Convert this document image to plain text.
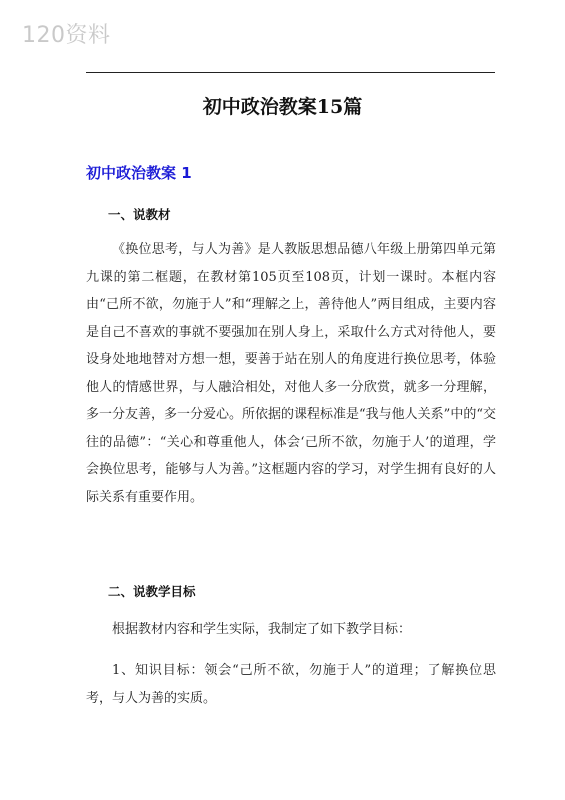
120资料
初中政治教案15篇
初中政治教案 1
一、说教材

《换位思考，与人为善》是人教版思想品德八年级上册第四单元第九课的第二框题，在教材第105页至108页，计划一课时。本框内容由“己所不欲，勿施于人”和“理解之上，善待他人”两目组成，主要内容是自己不喜欢的事就不要强加在别人身上，采取什么方式对待他人，要设身处地地替对方想一想，要善于站在别人的角度进行换位思考，体验他人的情感世界，与人融洽相处，对他人多一分欣赏，就多一分理解，多一分友善，多一分爱心。所依据的课程标准是“我与他人关系”中的“交往的品德”：“关心和尊重他人，体会‘己所不欲，勿施于人’的道理，学会换位思考，能够与人为善。”这框题内容的学习，对学生拥有良好的人际关系有重要作用。

二、说教学目标

根据教材内容和学生实际，我制定了如下教学目标：

1、知识目标：领会“己所不欲，勿施于人”的道理；了解换位思考，与人为善的实质。
